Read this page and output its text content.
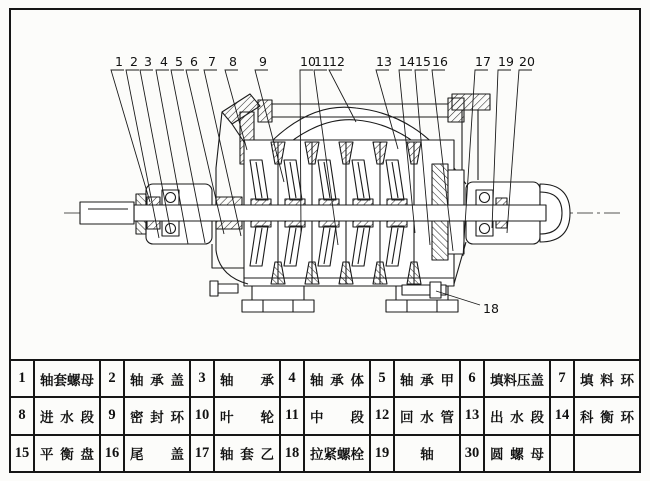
1 2 3 4 5 6 7 8 9	10
11 12 13 14 15 16 17 19 20
18
1	轴 套 螺 母 2	轴 承 盖 3	轴 承 4	轴 承 体 5	轴 承 甲 6	填 料 压 盖 7	填 料 环
8	进 水 段 9	密 封 环 10 叶 轮 11 中 段 12 回 水 管 13 出 水 段 14 科 衡 环
15 平 衡 盘 16 尾 盖 17 轴 套 乙 18 拉 紧 螺 栓 19 轴 30 圆 螺 母
